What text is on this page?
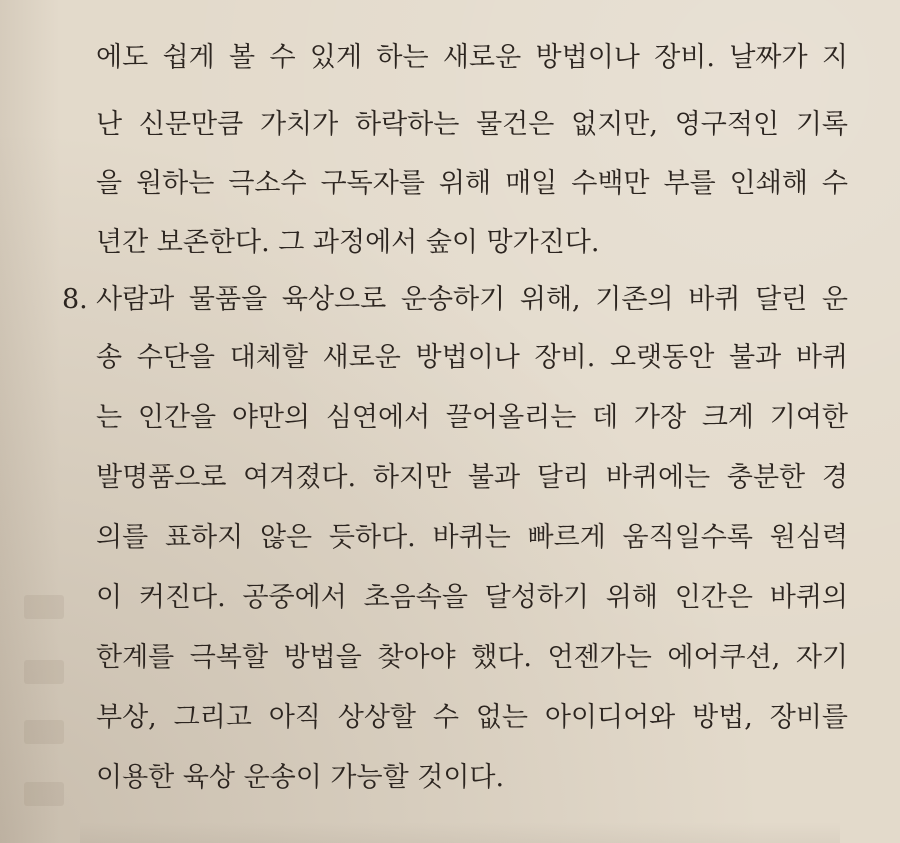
에도 쉽게 볼 수 있게 하는 새로운 방법이나 장비. 날짜가 지
난 신문만큼 가치가 하락하는 물건은 없지만, 영구적인 기록
을 원하는 극소수 구독자를 위해 매일 수백만 부를 인쇄해 수
년간 보존한다. 그 과정에서 숲이 망가진다.
8. 사람과 물품을 육상으로 운송하기 위해, 기존의 바퀴 달린 운
송 수단을 대체할 새로운 방법이나 장비. 오랫동안 불과 바퀴
는 인간을 야만의 심연에서 끌어올리는 데 가장 크게 기여한
발명품으로 여겨졌다. 하지만 불과 달리 바퀴에는 충분한 경
의를 표하지 않은 듯하다. 바퀴는 빠르게 움직일수록 원심력
이 커진다. 공중에서 초음속을 달성하기 위해 인간은 바퀴의
한계를 극복할 방법을 찾아야 했다. 언젠가는 에어쿠션, 자기
부상, 그리고 아직 상상할 수 없는 아이디어와 방법, 장비를
이용한 육상 운송이 가능할 것이다.
